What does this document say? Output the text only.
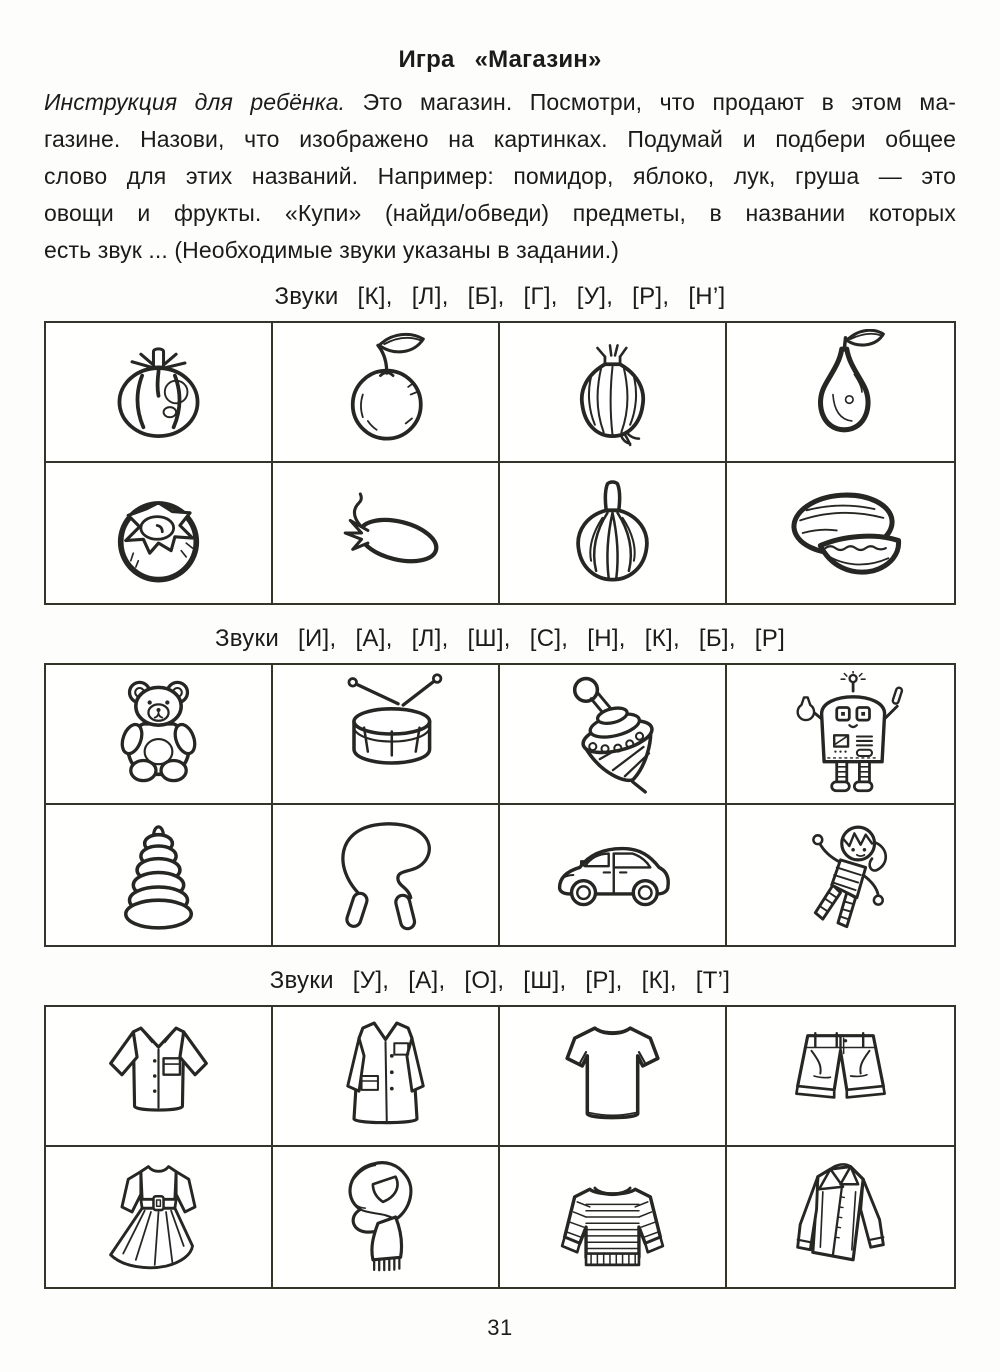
Игра «Магазин»
Инструкция для ребёнка. Это магазин. Посмотри, что продают в этом ма-
газине. Назови, что изображено на картинках. Подумай и подбери общее
слово для этих названий. Например: помидор, яблоко, лук, груша — это
овощи и фрукты. «Купи» (найди/обведи) предметы, в названии которых
есть звук ... (Необходимые звуки указаны в задании.)
Звуки [К], [Л], [Б], [Г], [У], [Р], [Н’]
Звуки [И], [А], [Л], [Ш], [С], [Н], [К], [Б], [Р]
Звуки [У], [А], [О], [Ш], [Р], [К], [Т’]
31
